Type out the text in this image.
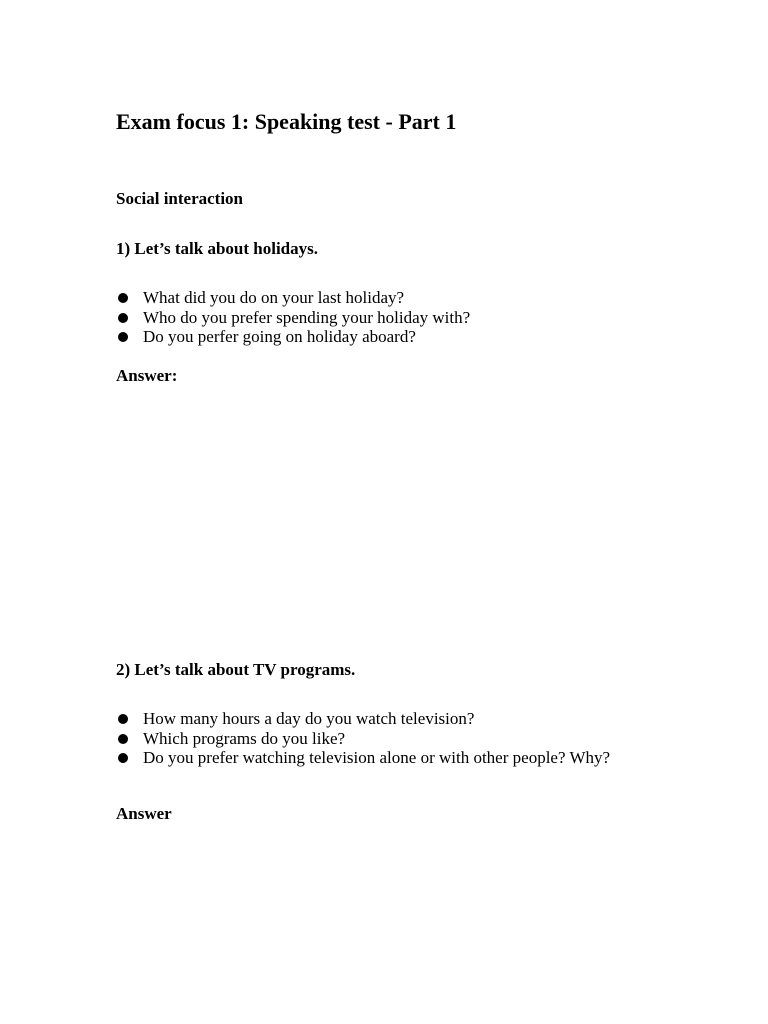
Exam focus 1: Speaking test - Part 1
Social interaction
1) Let’s talk about holidays.
What did you do on your last holiday?
Who do you prefer spending your holiday with?
Do you perfer going on holiday aboard?

Answer:

2) Let’s talk about TV programs.
How many hours a day do you watch television?
Which programs do you like?
Do you prefer watching television alone or with other people? Why?

Answer
